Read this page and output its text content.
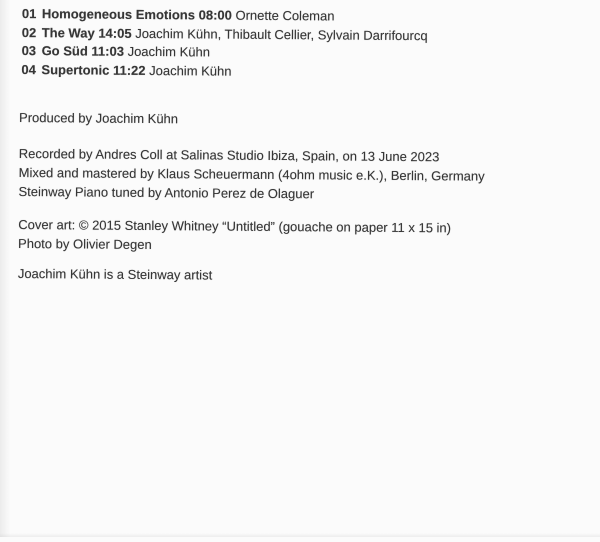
01 Homogeneous Emotions 08:00 Ornette Coleman
02 The Way 14:05 Joachim Kühn, Thibault Cellier, Sylvain Darrifourcq
03 Go Süd 11:03 Joachim Kühn
04 Supertonic 11:22 Joachim Kühn
Produced by Joachim Kühn
Recorded by Andres Coll at Salinas Studio Ibiza, Spain, on 13 June 2023
Mixed and mastered by Klaus Scheuermann (4ohm music e.K.), Berlin, Germany
Steinway Piano tuned by Antonio Perez de Olaguer
Cover art: © 2015 Stanley Whitney “Untitled” (gouache on paper 11 x 15 in)
Photo by Olivier Degen
Joachim Kühn is a Steinway artist
